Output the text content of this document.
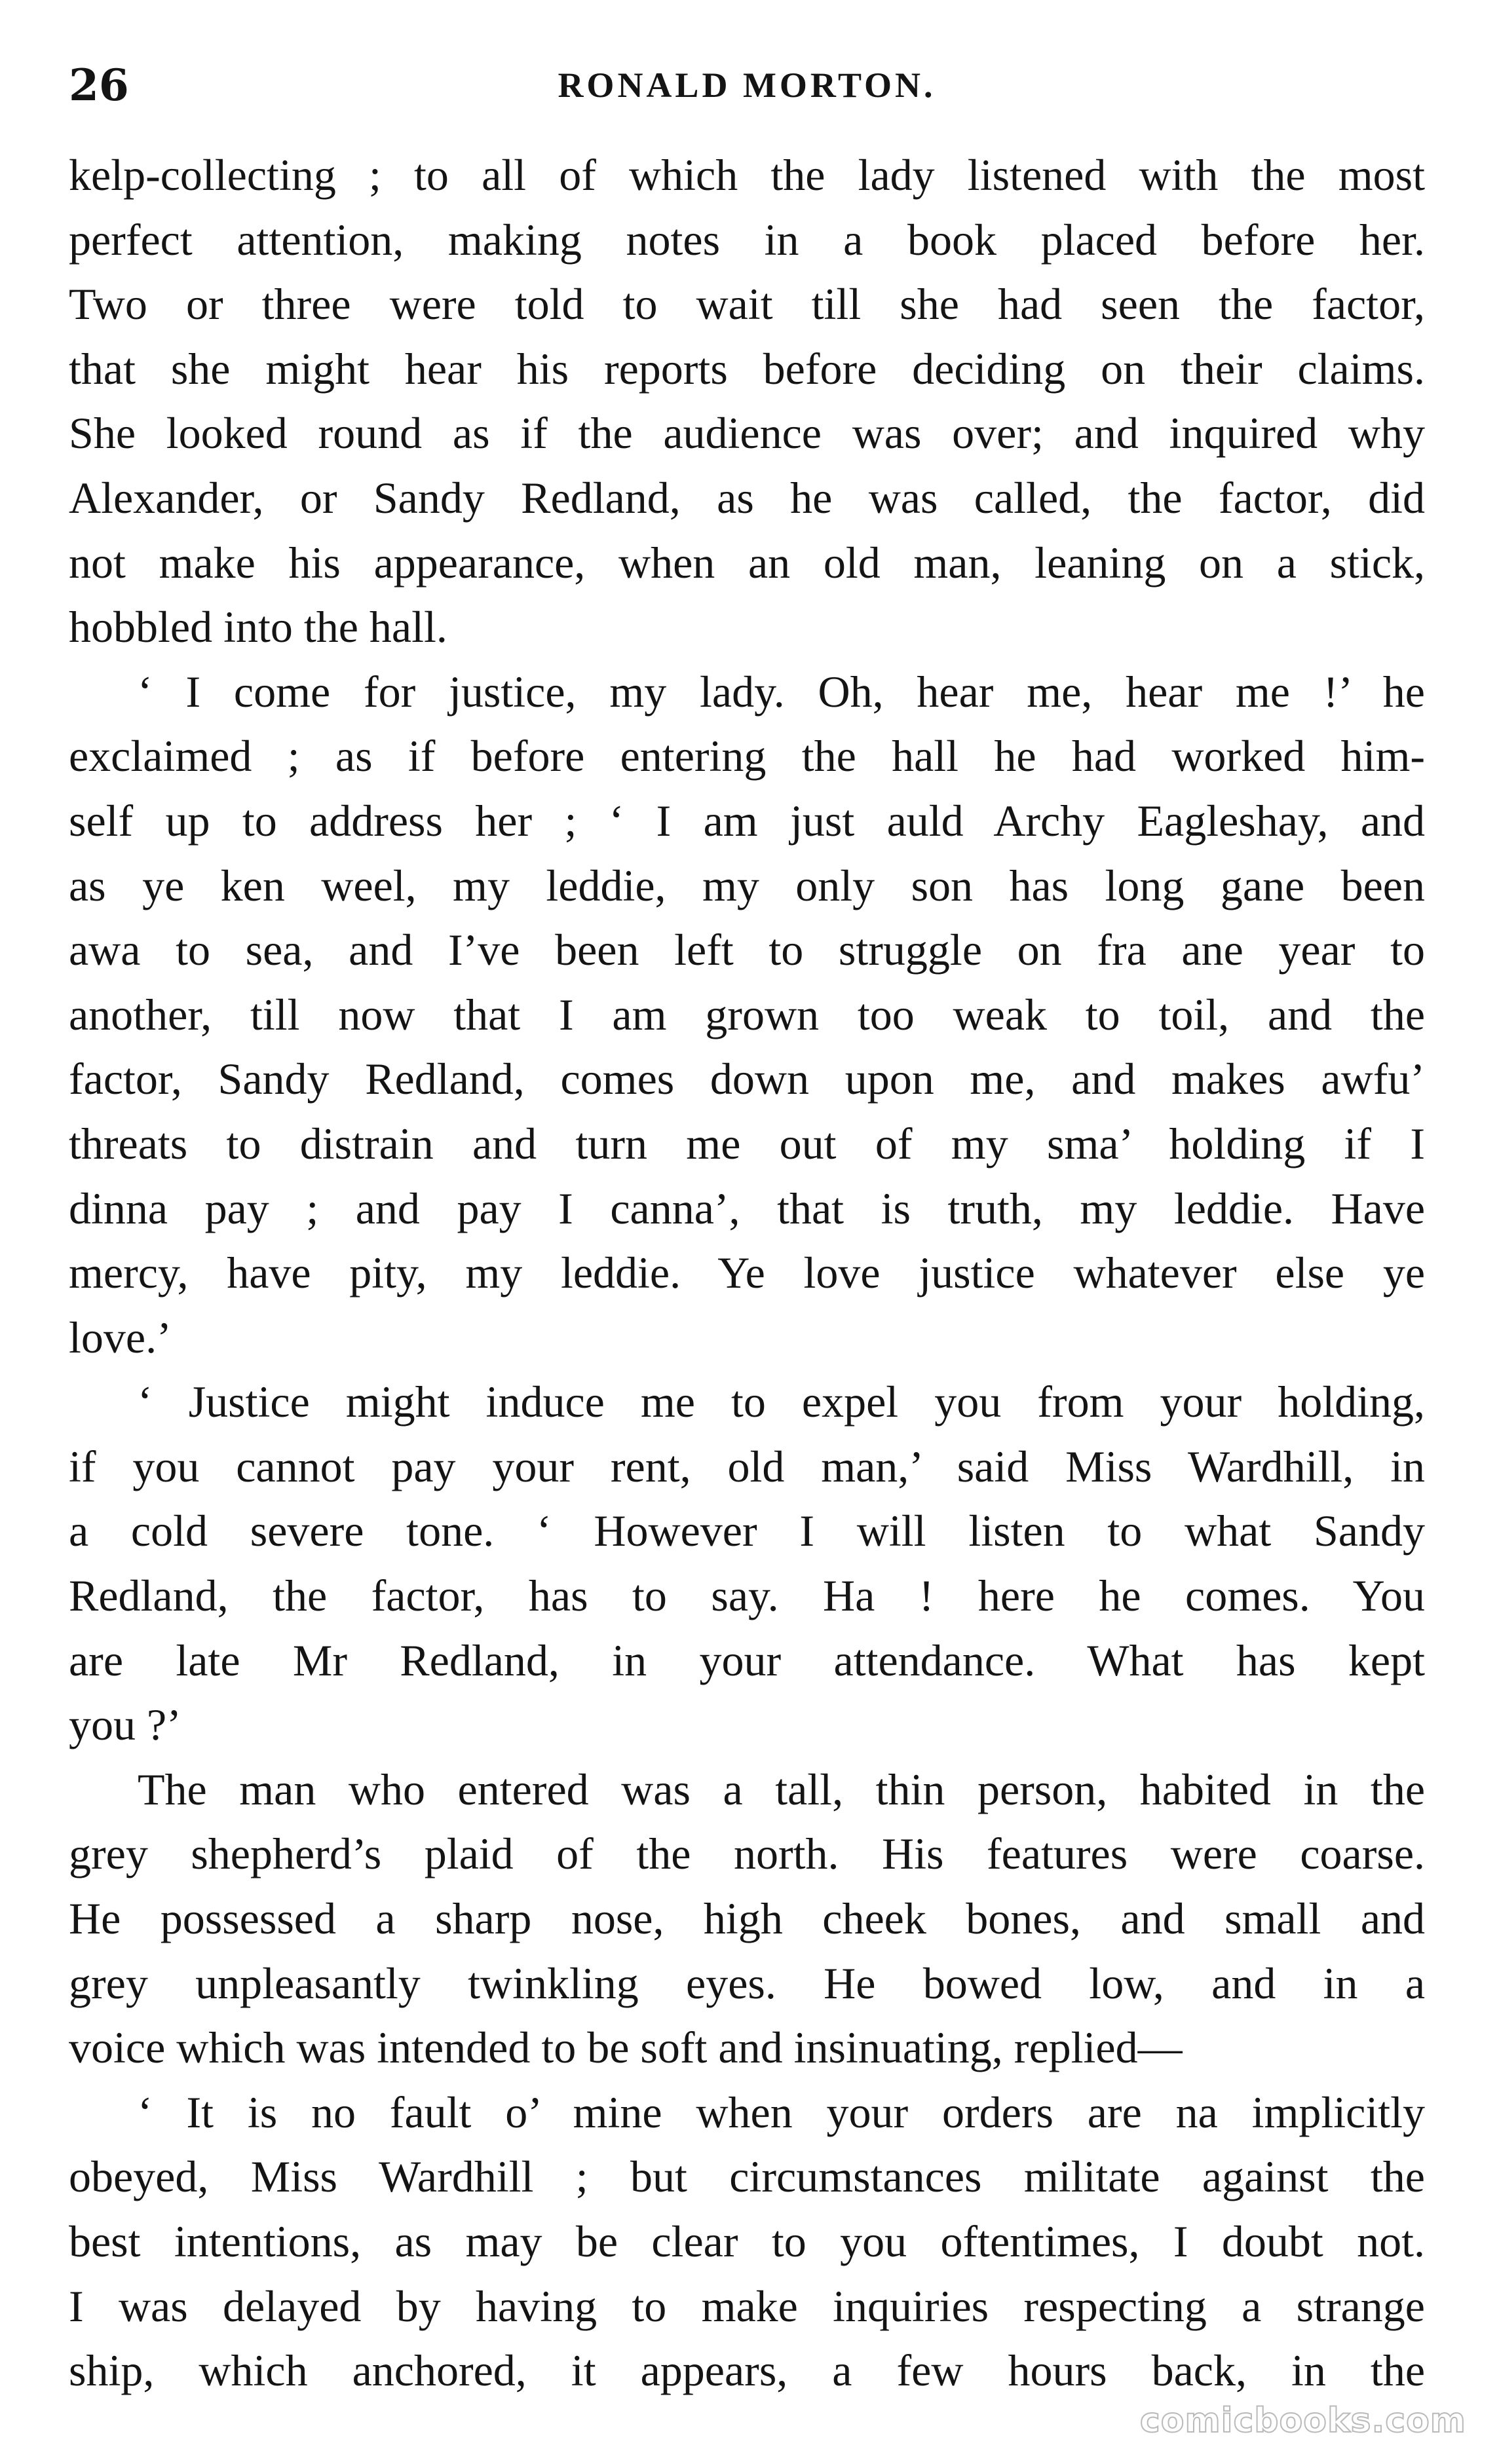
26	RONALD MORTON.
kelp-collecting ; to all of which the lady listened with the most
perfect attention, making notes in a book placed before her.
Two or three were told to wait till she had seen the factor,
that she might hear his reports before deciding on their claims.
She looked round as if the audience was over; and inquired why
Alexander, or Sandy Redland, as he was called, the factor, did
not make his appearance, when an old man, leaning on a stick,
hobbled into the hall.
‘ I come for justice, my lady. Oh, hear me, hear me !’ he
exclaimed ; as if before entering the hall he had worked him-
self up to address her ; ‘ I am just auld Archy Eagleshay, and
as ye ken weel, my leddie, my only son has long gane been
awa to sea, and I’ve been left to struggle on fra ane year to
another, till now that I am grown too weak to toil, and the
factor, Sandy Redland, comes down upon me, and makes awfu’
threats to distrain and turn me out of my sma’ holding if I
dinna pay ; and pay I canna’, that is truth, my leddie. Have
mercy, have pity, my leddie. Ye love justice whatever else ye
love.’
‘ Justice might induce me to expel you from your holding,
if you cannot pay your rent, old man,’ said Miss Wardhill, in
a cold severe tone. ‘ However I will listen to what Sandy
Redland, the factor, has to say. Ha ! here he comes. You
are late Mr Redland, in your attendance. What has kept
you ?’
The man who entered was a tall, thin person, habited in the
grey shepherd’s plaid of the north. His features were coarse.
He possessed a sharp nose, high cheek bones, and small and
grey unpleasantly twinkling eyes. He bowed low, and in a
voice which was intended to be soft and insinuating, replied—
‘ It is no fault o’ mine when your orders are na implicitly
obeyed, Miss Wardhill ; but circumstances militate against the
best intentions, as may be clear to you oftentimes, I doubt not.
I was delayed by having to make inquiries respecting a strange
ship, which anchored, it appears, a few hours back, in the
comicbooks.com
